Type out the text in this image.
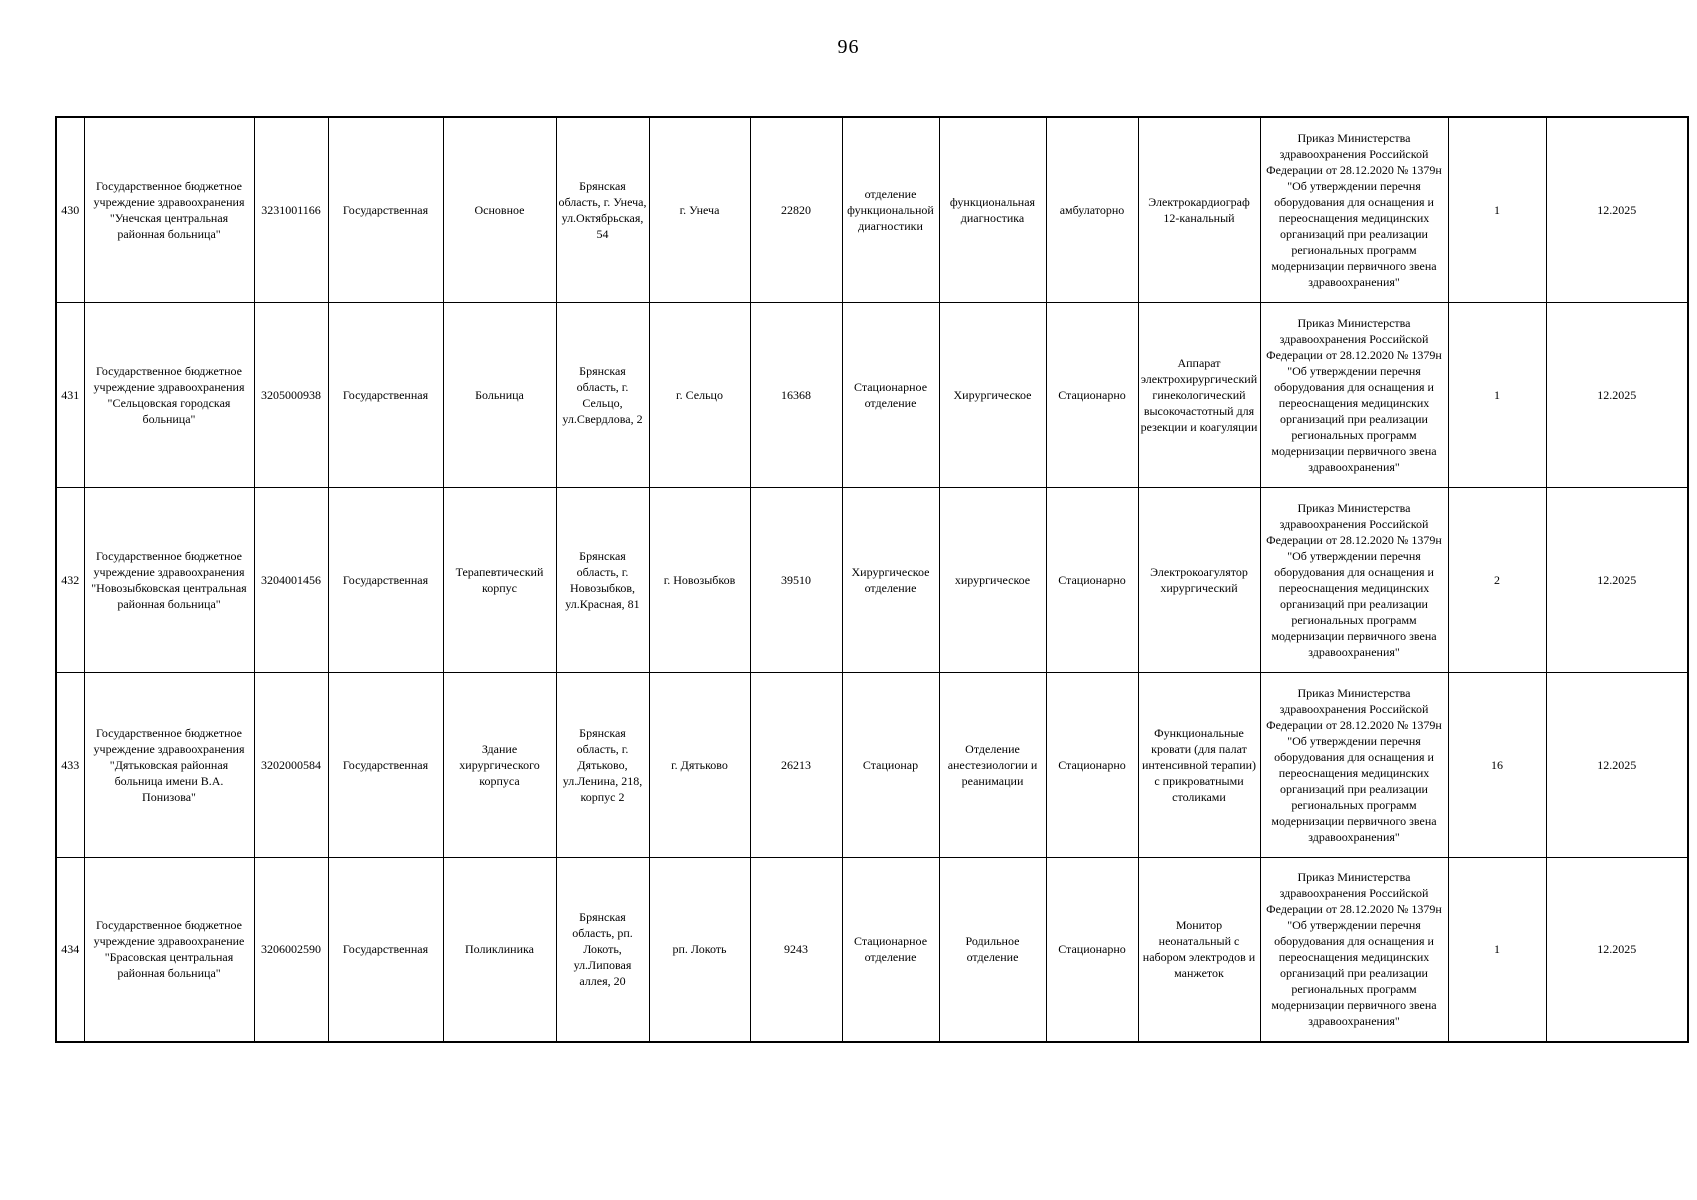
96
430	Государственное бюджетное учреждение здравоохранения "Унечская центральная районная больница"	3231001166	Государственная	Основное	Брянская область, г. Унеча, ул.Октябрьская, 54	г. Унеча	22820	отделение функциональной диагностики	функциональная диагностика	амбулаторно	Электрокардиограф 12-канальный	Приказ Министерства здравоохранения Российской Федерации от 28.12.2020 № 1379н "Об утверждении перечня оборудования для оснащения и переоснащения медицинских организаций при реализации региональных программ модернизации первичного звена здравоохранения"	1	12.2025
431	Государственное бюджетное учреждение здравоохранения "Сельцовская городская больница"	3205000938	Государственная	Больница	Брянская область, г. Сельцо, ул.Свердлова, 2	г. Сельцо	16368	Стационарное отделение	Хирургическое	Стационарно	Аппарат электрохирургический гинекологический высокочастотный для резекции и коагуляции	Приказ Министерства здравоохранения Российской Федерации от 28.12.2020 № 1379н "Об утверждении перечня оборудования для оснащения и переоснащения медицинских организаций при реализации региональных программ модернизации первичного звена здравоохранения"	1	12.2025
432	Государственное бюджетное учреждение здравоохранения "Новозыбковская центральная районная больница"	3204001456	Государственная	Терапевтический корпус	Брянская область, г. Новозыбков, ул.Красная, 81	г. Новозыбков	39510	Хирургическое отделение	хирургическое	Стационарно	Электрокоагулятор хирургический	Приказ Министерства здравоохранения Российской Федерации от 28.12.2020 № 1379н "Об утверждении перечня оборудования для оснащения и переоснащения медицинских организаций при реализации региональных программ модернизации первичного звена здравоохранения"	2	12.2025
433	Государственное бюджетное учреждение здравоохранения "Дятьковская районная больница имени В.А. Понизова"	3202000584	Государственная	Здание хирургического корпуса	Брянская область, г. Дятьково, ул.Ленина, 218, корпус 2	г. Дятьково	26213	Стационар	Отделение анестезиологии и реанимации	Стационарно	Функциональные кровати (для палат интенсивной терапии) с прикроватными столиками	Приказ Министерства здравоохранения Российской Федерации от 28.12.2020 № 1379н "Об утверждении перечня оборудования для оснащения и переоснащения медицинских организаций при реализации региональных программ модернизации первичного звена здравоохранения"	16	12.2025
434	Государственное бюджетное учреждение здравоохранение "Брасовская центральная районная больница"	3206002590	Государственная	Поликлиника	Брянская область, рп. Локоть, ул.Липовая аллея, 20	рп. Локоть	9243	Стационарное отделение	Родильное отделение	Стационарно	Монитор неонатальный с набором электродов и манжеток	Приказ Министерства здравоохранения Российской Федерации от 28.12.2020 № 1379н "Об утверждении перечня оборудования для оснащения и переоснащения медицинских организаций при реализации региональных программ модернизации первичного звена здравоохранения"	1	12.2025
